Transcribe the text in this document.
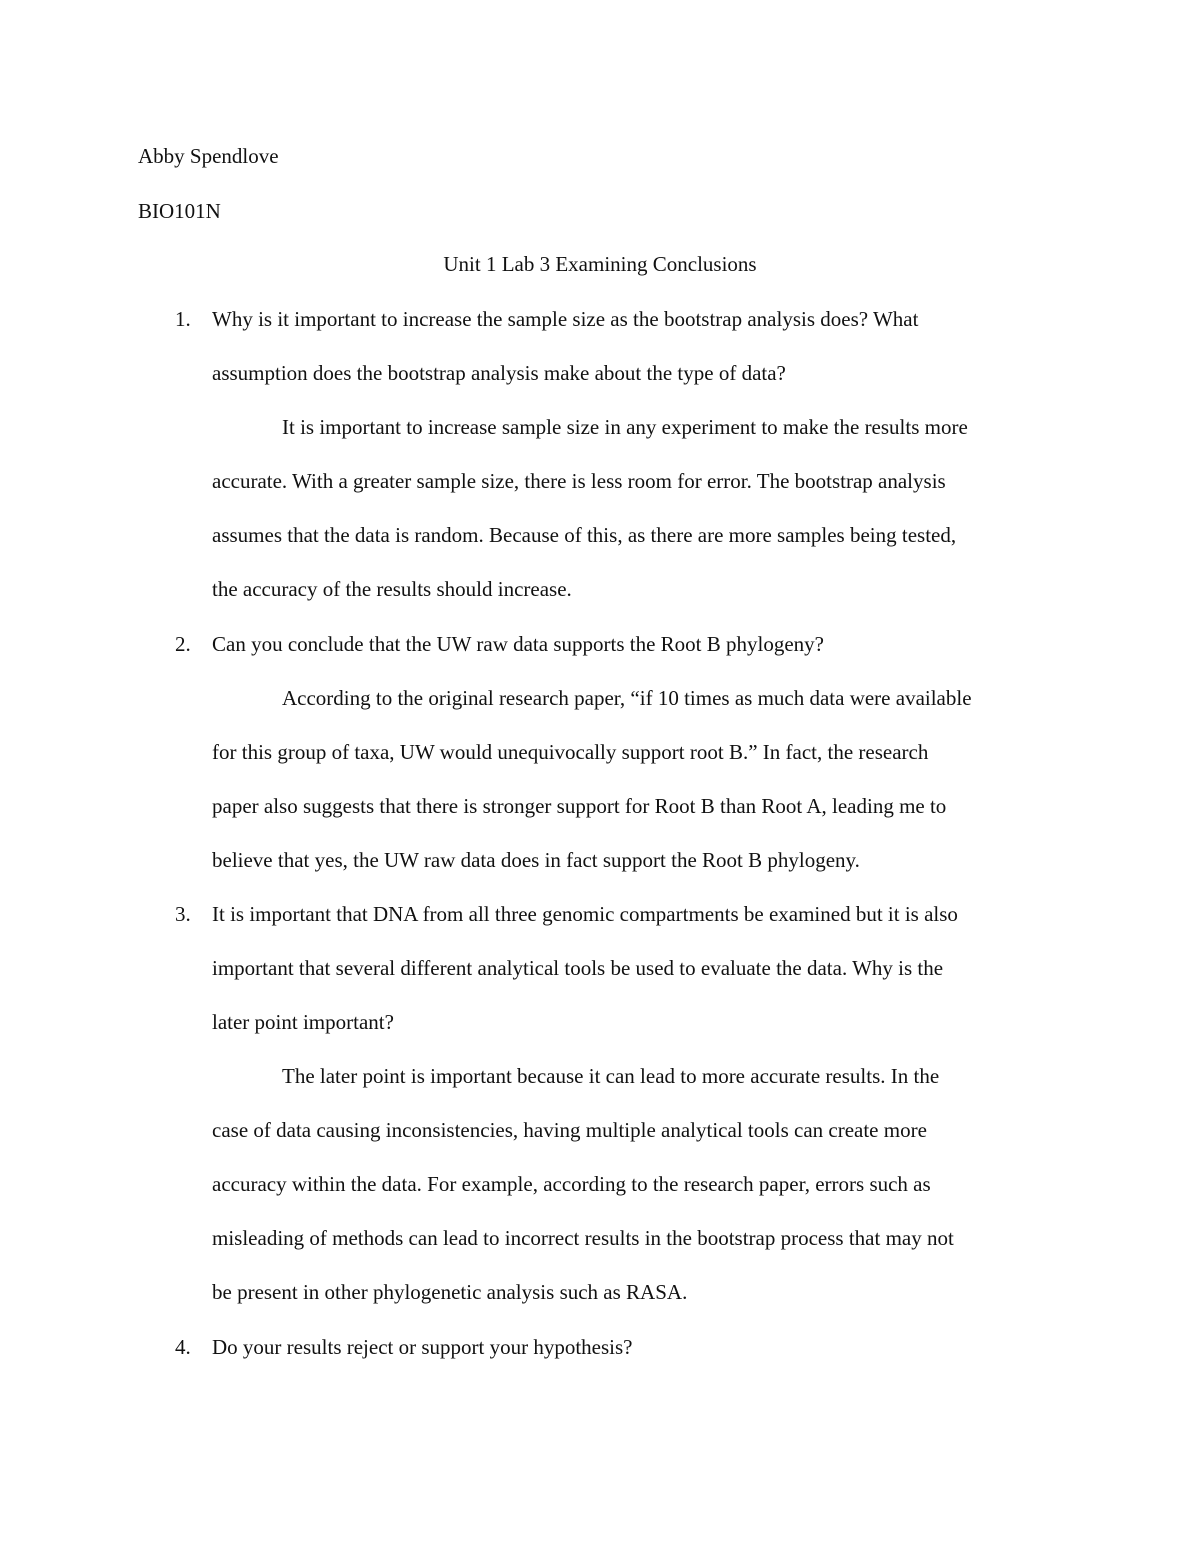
Abby Spendlove
BIO101N
Unit 1 Lab 3 Examining Conclusions
1. Why is it important to increase the sample size as the bootstrap analysis does? What
assumption does the bootstrap analysis make about the type of data?
It is important to increase sample size in any experiment to make the results more
accurate. With a greater sample size, there is less room for error. The bootstrap analysis
assumes that the data is random. Because of this, as there are more samples being tested,
the accuracy of the results should increase.
2. Can you conclude that the UW raw data supports the Root B phylogeny?
According to the original research paper, “if 10 times as much data were available
for this group of taxa, UW would unequivocally support root B.” In fact, the research
paper also suggests that there is stronger support for Root B than Root A, leading me to
believe that yes, the UW raw data does in fact support the Root B phylogeny.
3. It is important that DNA from all three genomic compartments be examined but it is also
important that several different analytical tools be used to evaluate the data. Why is the
later point important?
The later point is important because it can lead to more accurate results. In the
case of data causing inconsistencies, having multiple analytical tools can create more
accuracy within the data. For example, according to the research paper, errors such as
misleading of methods can lead to incorrect results in the bootstrap process that may not
be present in other phylogenetic analysis such as RASA.
4. Do your results reject or support your hypothesis?
